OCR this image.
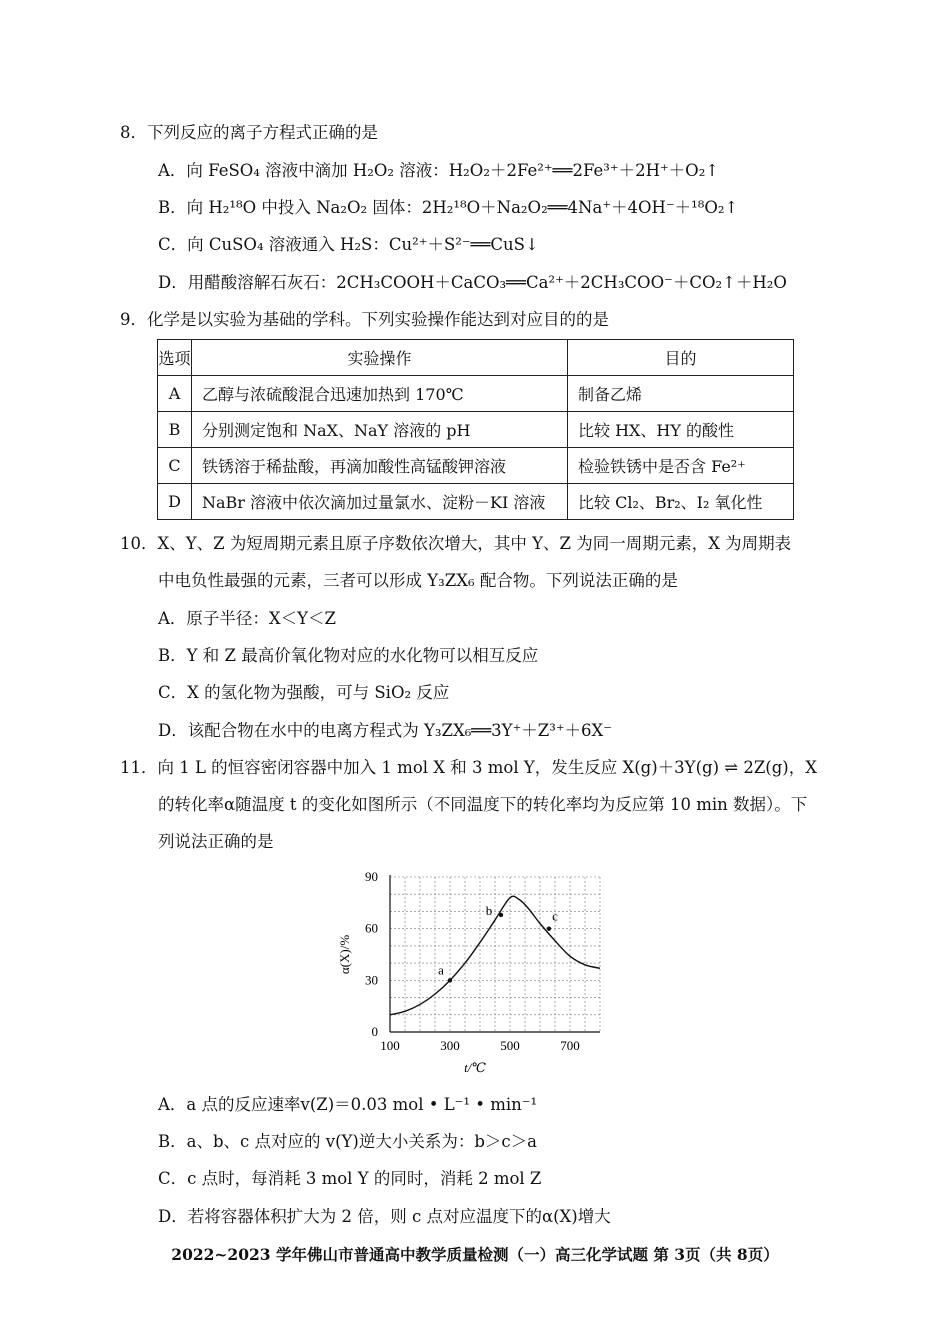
8．下列反应的离子方程式正确的是
A．向 FeSO₄ 溶液中滴加 H₂O₂ 溶液：H₂O₂＋2Fe²⁺══2Fe³⁺＋2H⁺＋O₂↑
B．向 H₂¹⁸O 中投入 Na₂O₂ 固体：2H₂¹⁸O＋Na₂O₂══4Na⁺＋4OH⁻＋¹⁸O₂↑
C．向 CuSO₄ 溶液通入 H₂S：Cu²⁺＋S²⁻══CuS↓
D．用醋酸溶解石灰石：2CH₃COOH＋CaCO₃══Ca²⁺＋2CH₃COO⁻＋CO₂↑＋H₂O
9．化学是以实验为基础的学科。下列实验操作能达到对应目的的是
选项	实验操作	目的
A	乙醇与浓硫酸混合迅速加热到 170℃	制备乙烯
B	分别测定饱和 NaX、NaY 溶液的 pH	比较 HX、HY 的酸性
C	铁锈溶于稀盐酸，再滴加酸性高锰酸钾溶液	检验铁锈中是否含 Fe²⁺
D	NaBr 溶液中依次滴加过量氯水、淀粉－KI 溶液	比较 Cl₂、Br₂、I₂ 氧化性
10．X、Y、Z 为短周期元素且原子序数依次增大，其中 Y、Z 为同一周期元素，X 为周期表
中电负性最强的元素，三者可以形成 Y₃ZX₆ 配合物。下列说法正确的是
A．原子半径：X＜Y＜Z
B．Y 和 Z 最高价氧化物对应的水化物可以相互反应
C．X 的氢化物为强酸，可与 SiO₂ 反应
D．该配合物在水中的电离方程式为 Y₃ZX₆══3Y⁺＋Z³⁺＋6X⁻
11．向 1 L 的恒容密闭容器中加入 1 mol X 和 3 mol Y，发生反应 X(g)＋3Y(g) ⇌ 2Z(g)，X
的转化率α随温度 t 的变化如图所示（不同温度下的转化率均为反应第 10 min 数据）。下
列说法正确的是
100	300	500	700
0
30
60
90
a
b	c
α(X)/%
t/℃
A．a 点的反应速率v(Z)＝0.03 mol • L⁻¹ • min⁻¹
B．a、b、c 点对应的 v(Y)逆大小关系为：b＞c＞a
C．c 点时，每消耗 3 mol Y 的同时，消耗 2 mol Z
D．若将容器体积扩大为 2 倍，则 c 点对应温度下的α(X)增大
2022~2023 学年佛山市普通高中教学质量检测（一）高三化学试题 第 3页（共 8页）
